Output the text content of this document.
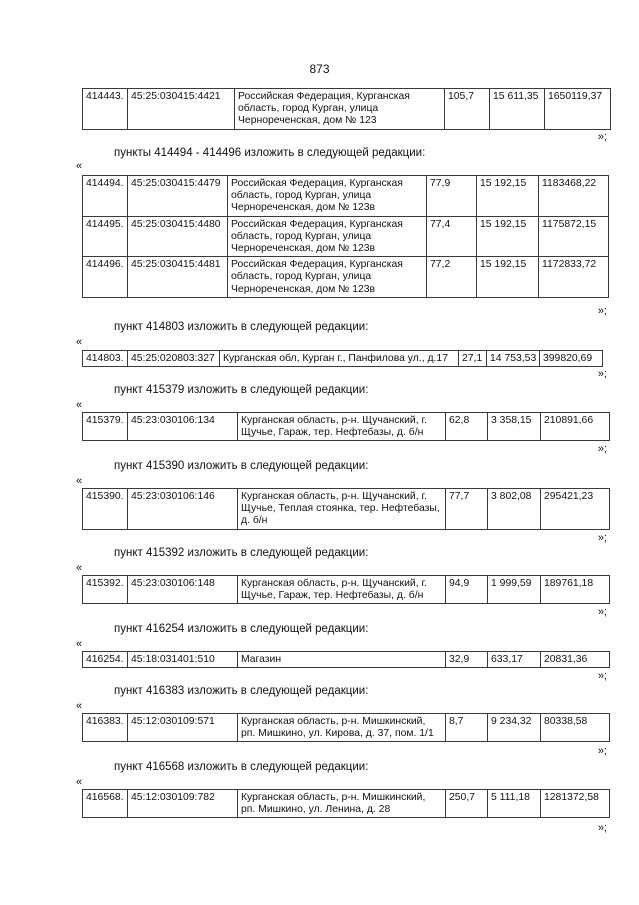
873
414443.	45:25:030415:4421	Российская Федерация, Курганская область, город Курган, улица Чернореченская, дом № 123	105,7	15 611,35	1650119,37
»;
пункты 414494 - 414496 изложить в следующей редакции:
«
414494.	45:25:030415:4479	Российская Федерация, Курганская область, город Курган, улица Чернореченская, дом № 123в	77,9	15 192,15	1183468,22
414495.	45:25:030415:4480	Российская Федерация, Курганская область, город Курган, улица Чернореченская, дом № 123в	77,4	15 192,15	1175872,15
414496.	45:25:030415:4481	Российская Федерация, Курганская область, город Курган, улица Чернореченская, дом № 123в	77,2	15 192,15	1172833,72
»;
пункт 414803 изложить в следующей редакции:
«
414803.	45:25:020803:327	Курганская обл, Курган г., Панфилова ул., д.17	27,1	14 753,53	399820,69
»;
пункт 415379 изложить в следующей редакции:
«
415379.	45:23:030106:134	Курганская область, р-н. Щучанский, г. Щучье, Гараж, тер. Нефтебазы, д. б/н	62,8	3 358,15	210891,66
»;
пункт 415390 изложить в следующей редакции:
«
415390.	45:23:030106:146	Курганская область, р-н. Щучанский, г. Щучье, Теплая стоянка, тер. Нефтебазы, д. б/н	77,7	3 802,08	295421,23
»;
пункт 415392 изложить в следующей редакции:
«
415392.	45:23:030106:148	Курганская область, р-н. Щучанский, г. Щучье, Гараж, тер. Нефтебазы, д. б/н	94,9	1 999,59	189761,18
»;
пункт 416254 изложить в следующей редакции:
«
416254.	45:18:031401:510	Магазин	32,9	633,17	20831,36
»;
пункт 416383 изложить в следующей редакции:
«
416383.	45:12:030109:571	Курганская область, р-н. Мишкинский, рп. Мишкино, ул. Кирова, д. 37, пом. 1/1	8,7	9 234,32	80338,58
»;
пункт 416568 изложить в следующей редакции:
«
416568.	45:12:030109:782	Курганская область, р-н. Мишкинский, рп. Мишкино, ул. Ленина, д. 28	250,7	5 111,18	1281372,58
»;
